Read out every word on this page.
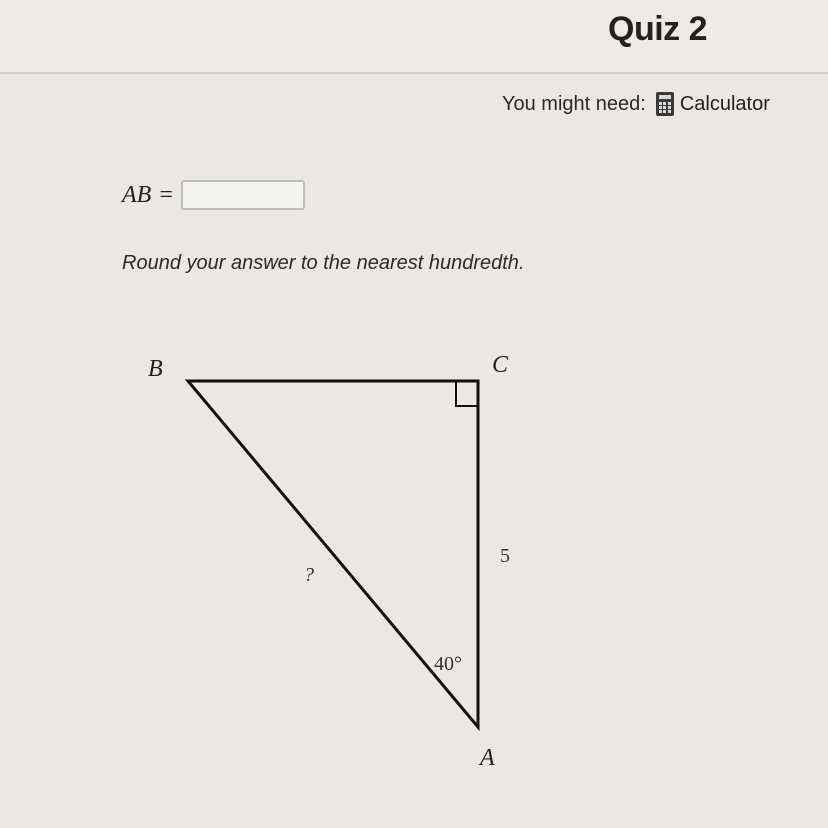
Quiz 2
You might need: Calculator
AB =
Round your answer to the nearest hundredth.
B	C
A
5
?
40°
